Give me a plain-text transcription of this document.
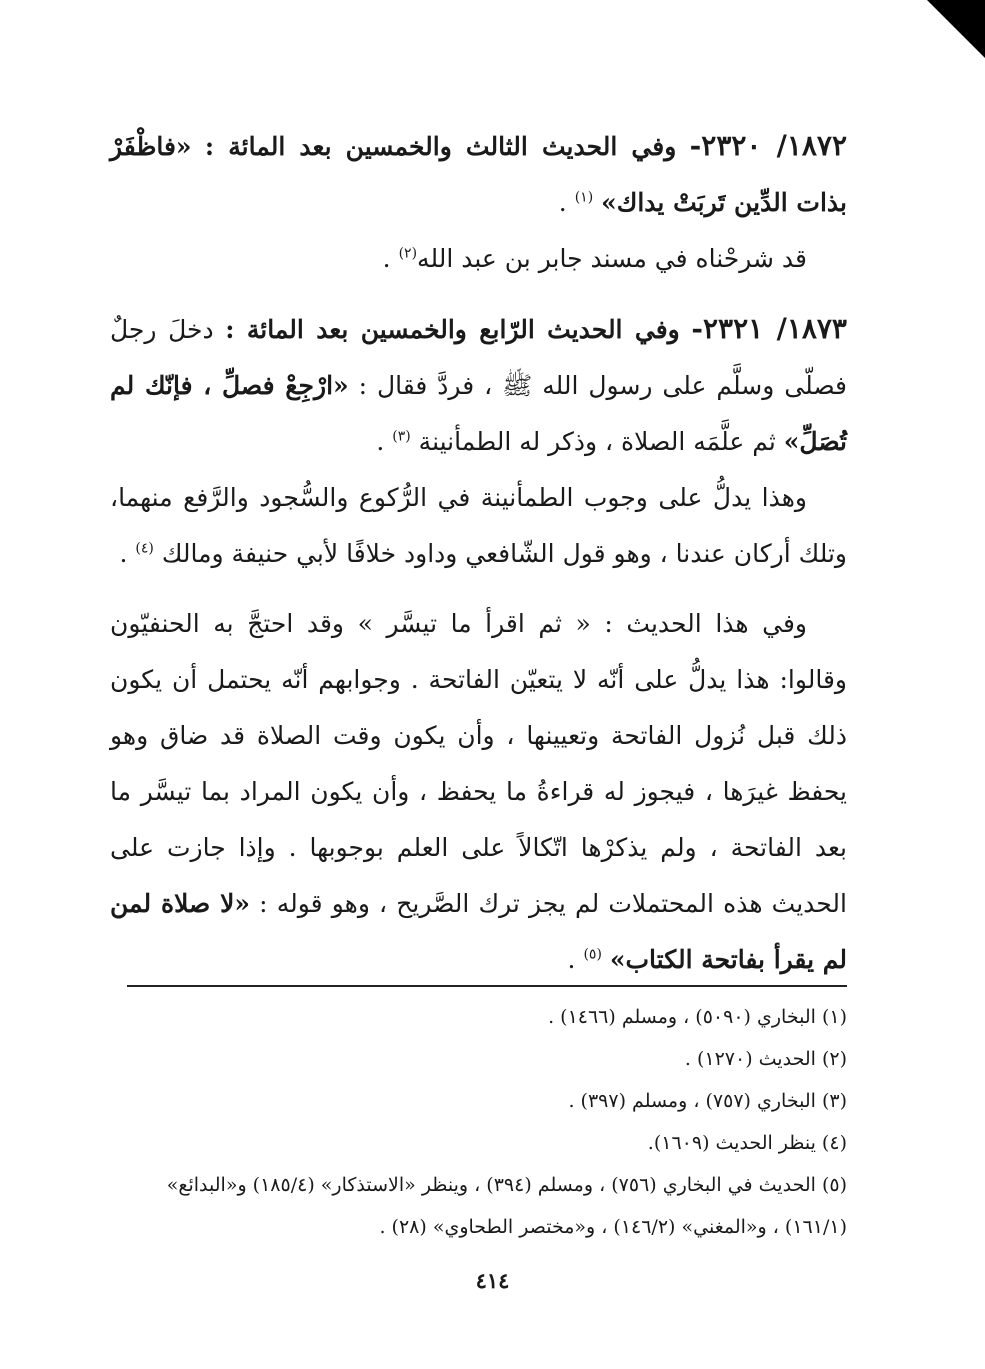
١٨٧٢/ ٢٣٢٠- وفي الحديث الثالث والخمسين بعد المائة : «فاظْفَرْ بذات الدِّين تَربَتْ يداك» $^{(١)}$ .

قد شرحْناه في مسند جابر بن عبد الله$^{(٢)}$ .

١٨٧٣/ ٢٣٢١- وفي الحديث الرّابع والخمسين بعد المائة : دخلَ رجلٌ فصلّى وسلَّم على رسول الله ﷺ ، فردَّ فقال : «ارْجِعْ فصلِّ ، فإنّك لم تُصَلِّ» ثم علَّمَه الصلاة ، وذكر له الطمأنينة $^{(٣)}$ .

وهذا يدلُّ على وجوب الطمأنينة في الرُّكوع والسُّجود والرَّفع منهما، وتلك أركان عندنا ، وهو قول الشّافعي وداود خلافًا لأبي حنيفة ومالك $^{(٤)}$ .

وفي هذا الحديث : « ثم اقرأ ما تيسَّر » وقد احتجَّ به الحنفيّون وقالوا: هذا يدلُّ على أنّه لا يتعيّن الفاتحة . وجوابهم أنّه يحتمل أن يكون ذلك قبل نُزول الفاتحة وتعيينها ، وأن يكون وقت الصلاة قد ضاق وهو يحفظ غيرَها ، فيجوز له قراءةُ ما يحفظ ، وأن يكون المراد بما تيسَّر ما بعد الفاتحة ، ولم يذكرْها اتّكالاً على العلم بوجوبها . وإذا جازت على الحديث هذه المحتملات لم يجز ترك الصَّريح ، وهو قوله : «لا صلاة لمن لم يقرأ بفاتحة الكتاب» $^{(٥)}$ .

(١) البخاري (٥٠٩٠) ، ومسلم (١٤٦٦) .

(٢) الحديث (١٢٧٠) .

(٣) البخاري (٧٥٧) ، ومسلم (٣٩٧) .

(٤) ينظر الحديث (١٦٠٩).

(٥) الحديث في البخاري (٧٥٦) ، ومسلم (٣٩٤) ، وينظر «الاستذكار» (١٨٥/٤) و«البدائع» (١٦١/١) ، و«المغني» (١٤٦/٢) ، و«مختصر الطحاوي» (٢٨) .

٤١٤
